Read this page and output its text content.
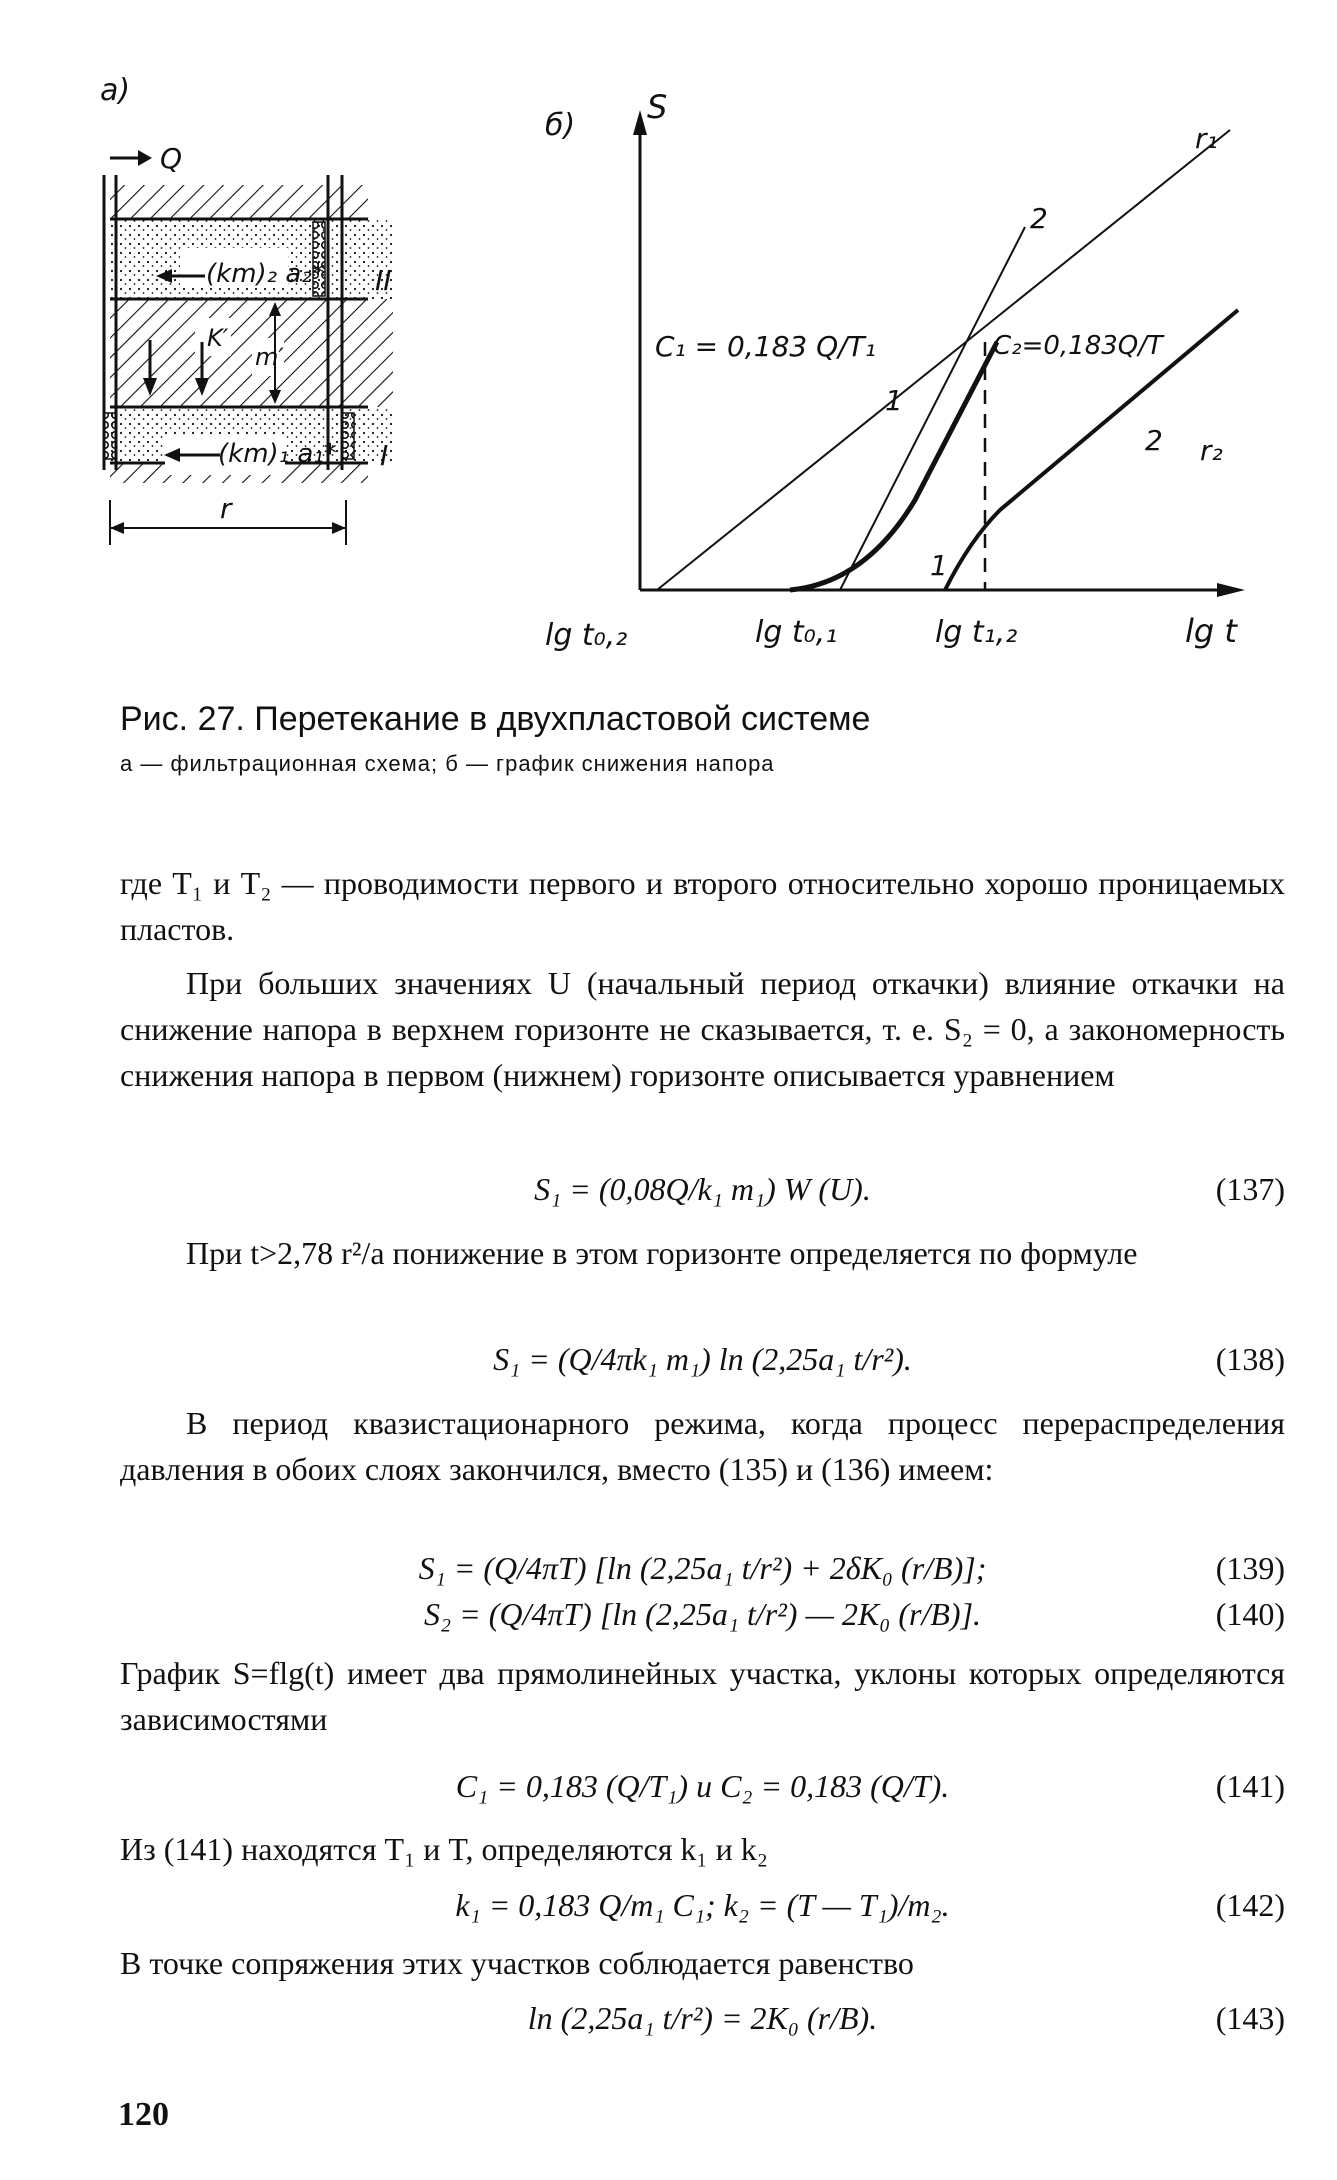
а)
Q
(km)₂ a₂* II
K′
m′
(km)₁ a₁* I
r
б) S
lg t
r₁
2
1
1
2 r₂
C₁ = 0,183 Q/T₁	C₂=0,183Q/T
lg t₀,₂	lg t₀,₁	lg t₁,₂

Рис. 27. Перетекание в двухпластовой системе

а — фильтрационная схема; б — график снижения напора

где T₁ и T₂ — проводимости первого и второго относительно хорошо проницаемых пластов.

При больших значениях U (начальный период откачки) влияние откачки на снижение напора в верхнем горизонте не сказывается, т. е. S₂ = 0, а закономерность снижения напора в первом (нижнем) горизонте описывается уравнением

S₁ = (0,08Q/k₁ m₁) W (U).	(137)

При t>2,78 r²/a понижение в этом горизонте определяется по формуле

S₁ = (Q/4πk₁ m₁) ln (2,25a₁ t/r²).	(138)

В период квазистационарного режима, когда процесс перераспределения давления в обоих слоях закончился, вместо (135) и (136) имеем:

S₁ = (Q/4πT) [ln (2,25a₁ t/r²) + 2δK₀ (r/B)];	(139)
S₂ = (Q/4πT) [ln (2,25a₁ t/r²) — 2K₀ (r/B)].	(140)

График S=flg(t) имеет два прямолинейных участка, уклоны которых определяются зависимостями

C₁ = 0,183 (Q/T₁) и C₂ = 0,183 (Q/T).	(141)

Из (141) находятся T₁ и T, определяются k₁ и k₂

k₁ = 0,183 Q/m₁ C₁; k₂ = (T — T₁)/m₂.	(142)

В точке сопряжения этих участков соблюдается равенство

ln (2,25a₁ t/r²) = 2K₀ (r/B).	(143)
120
